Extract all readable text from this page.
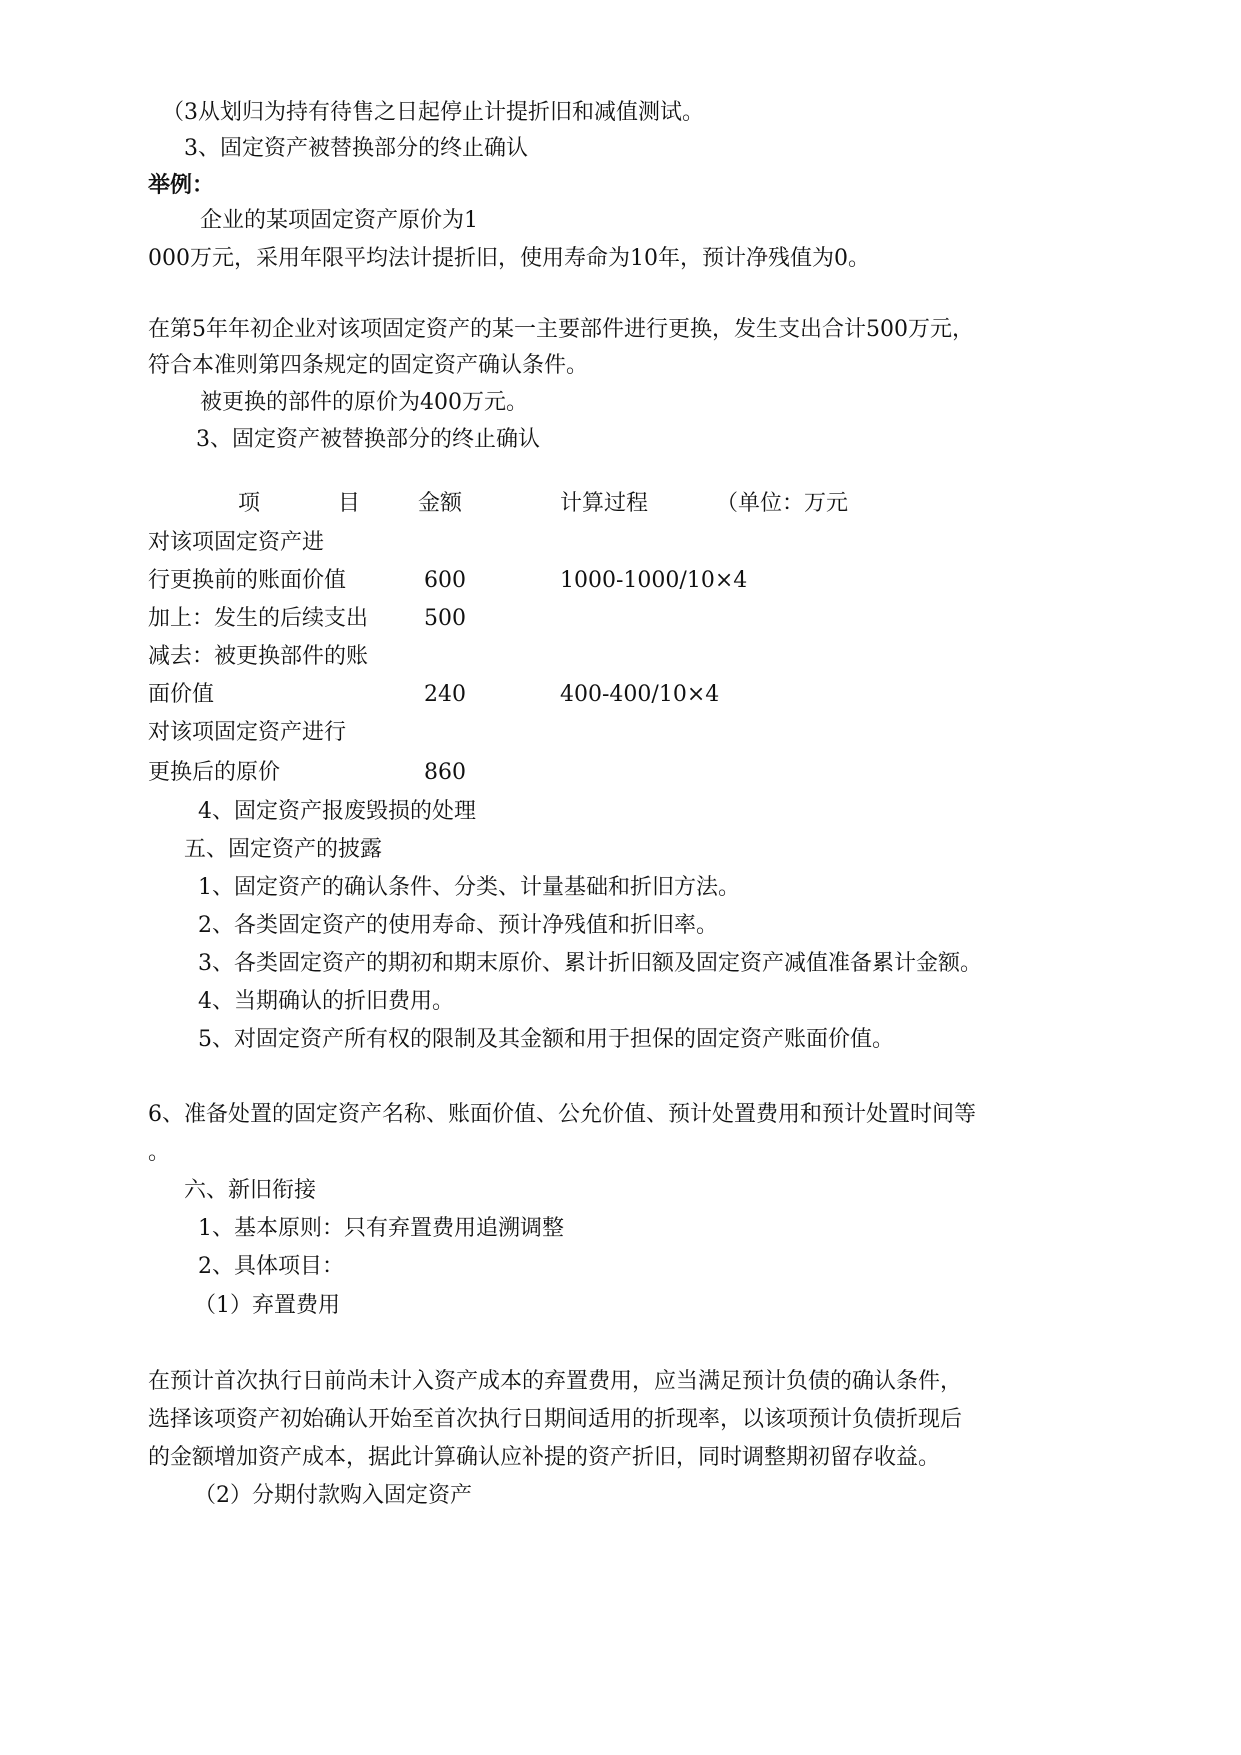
（3从划归为持有待售之日起停止计提折旧和减值测试。
3、固定资产被替换部分的终止确认
举例：
企业的某项固定资产原价为1
000万元，采用年限平均法计提折旧，使用寿命为10年，预计净残值为0。
在第5年年初企业对该项固定资产的某一主要部件进行更换，发生支出合计500万元，
符合本准则第四条规定的固定资产确认条件。
被更换的部件的原价为400万元。
3、固定资产被替换部分的终止确认
项	目	金额	计算过程	（单位：万元
对该项固定资产进
行更换前的账面价值	600	1000-1000/10×4
加上：发生的后续支出	500
减去：被更换部件的账
面价值	240	400-400/10×4
对该项固定资产进行
更换后的原价	860
4、固定资产报废毁损的处理
五、固定资产的披露
1、固定资产的确认条件、分类、计量基础和折旧方法。
2、各类固定资产的使用寿命、预计净残值和折旧率。
3、各类固定资产的期初和期末原价、累计折旧额及固定资产减值准备累计金额。
4、当期确认的折旧费用。
5、对固定资产所有权的限制及其金额和用于担保的固定资产账面价值。
6、准备处置的固定资产名称、账面价值、公允价值、预计处置费用和预计处置时间等
。
六、新旧衔接
1、基本原则：只有弃置费用追溯调整
2、具体项目：
（1）弃置费用
在预计首次执行日前尚未计入资产成本的弃置费用，应当满足预计负债的确认条件，
选择该项资产初始确认开始至首次执行日期间适用的折现率，以该项预计负债折现后
的金额增加资产成本，据此计算确认应补提的资产折旧，同时调整期初留存收益。
（2）分期付款购入固定资产
